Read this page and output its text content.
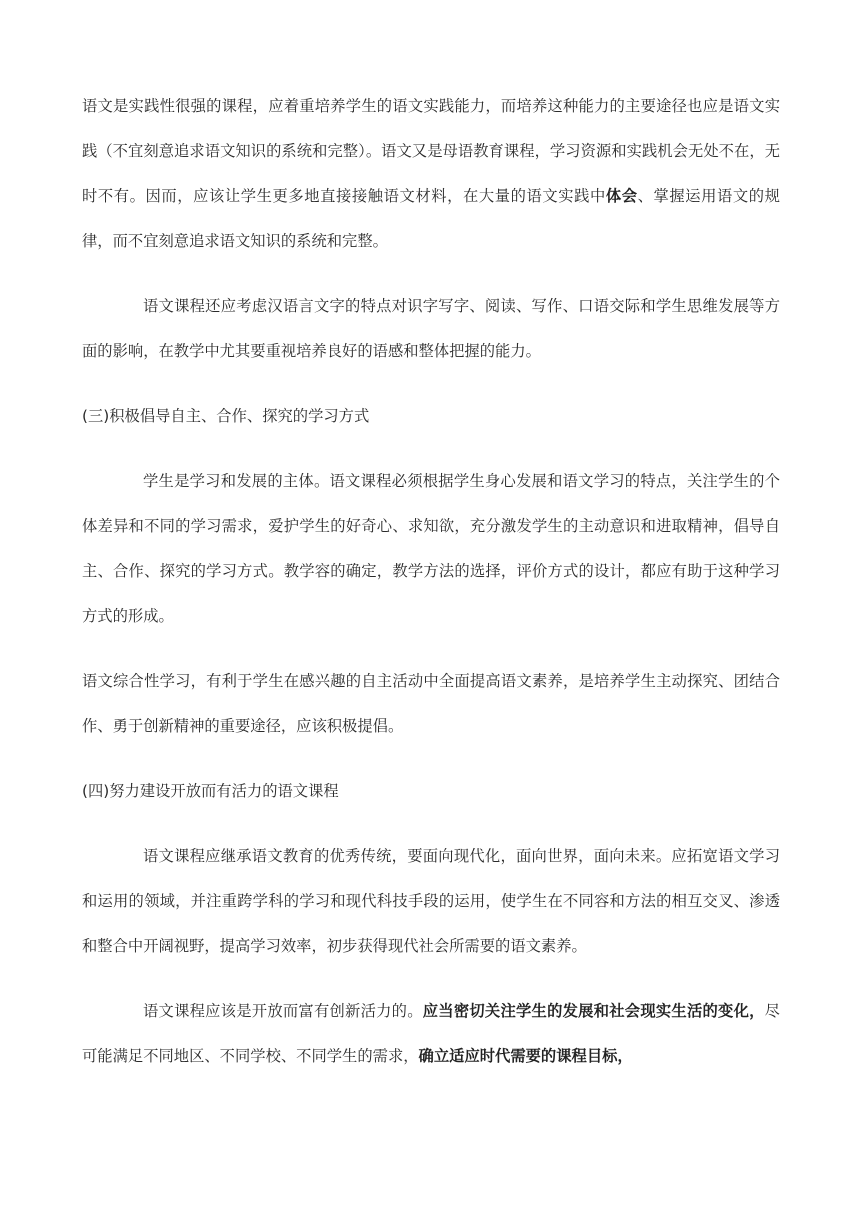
语文是实践性很强的课程，应着重培养学生的语文实践能力，而培养这种能力的主要途径也应是语文实践（不宜刻意追求语文知识的系统和完整）。语文又是母语教育课程，学习资源和实践机会无处不在，无时不有。因而，应该让学生更多地直接接触语文材料，在大量的语文实践中体会、掌握运用语文的规律，而不宜刻意追求语文知识的系统和完整。

语文课程还应考虑汉语言文字的特点对识字写字、阅读、写作、口语交际和学生思维发展等方面的影响，在教学中尤其要重视培养良好的语感和整体把握的能力。

(三)积极倡导自主、合作、探究的学习方式

学生是学习和发展的主体。语文课程必须根据学生身心发展和语文学习的特点，关注学生的个体差异和不同的学习需求，爱护学生的好奇心、求知欲，充分激发学生的主动意识和进取精神，倡导自主、合作、探究的学习方式。教学容的确定，教学方法的选择，评价方式的设计，都应有助于这种学习方式的形成。

语文综合性学习，有利于学生在感兴趣的自主活动中全面提高语文素养，是培养学生主动探究、团结合作、勇于创新精神的重要途径，应该积极提倡。

(四)努力建设开放而有活力的语文课程

语文课程应继承语文教育的优秀传统，要面向现代化，面向世界，面向未来。应拓宽语文学习和运用的领域，并注重跨学科的学习和现代科技手段的运用，使学生在不同容和方法的相互交叉、渗透和整合中开阔视野，提高学习效率，初步获得现代社会所需要的语文素养。

语文课程应该是开放而富有创新活力的。应当密切关注学生的发展和社会现实生活的变化，尽可能满足不同地区、不同学校、不同学生的需求，确立适应时代需要的课程目标，
